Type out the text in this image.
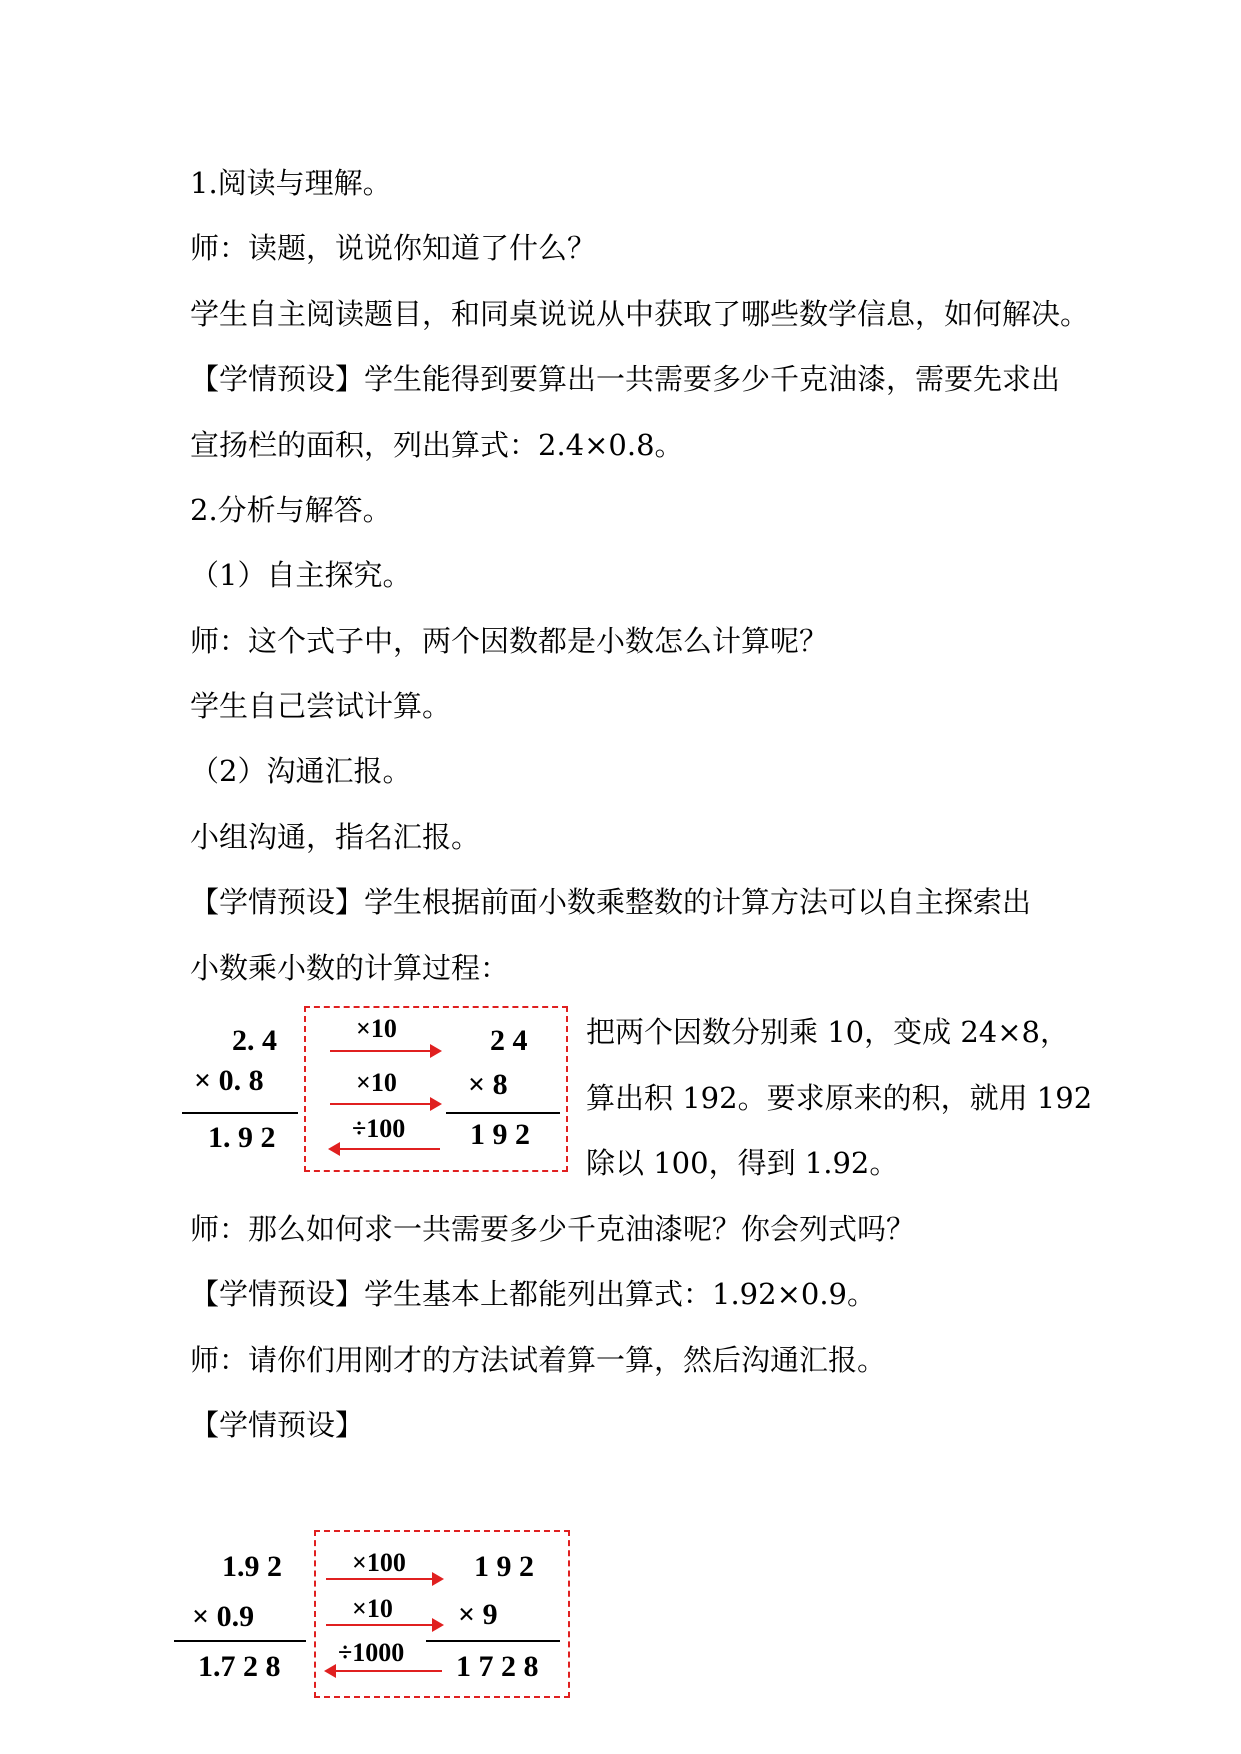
1.阅读与理解。
师：读题，说说你知道了什么？
学生自主阅读题目，和同桌说说从中获取了哪些数学信息，如何解决。
【学情预设】学生能得到要算出一共需要多少千克油漆，需要先求出
宣扬栏的面积，列出算式：2.4×0.8。
2.分析与解答。
（1）自主探究。
师：这个式子中，两个因数都是小数怎么计算呢？
学生自己尝试计算。
（2）沟通汇报。
小组沟通，指名汇报。
【学情预设】学生根据前面小数乘整数的计算方法可以自主探索出
小数乘小数的计算过程：
2. 4
× 0. 8
1. 9 2
×10
×10
÷100
2 4
× 8
1 9 2
把两个因数分别乘 10，变成 24×8，
算出积 192。要求原来的积，就用 192
除以 100，得到 1.92。
师：那么如何求一共需要多少千克油漆呢？你会列式吗？
【学情预设】学生基本上都能列出算式：1.92×0.9。
师：请你们用刚才的方法试着算一算，然后沟通汇报。
【学情预设】
1.9 2
× 0.9
1.7 2 8
×100
×10
÷1000
1 9 2
× 9
1 7 2 8
